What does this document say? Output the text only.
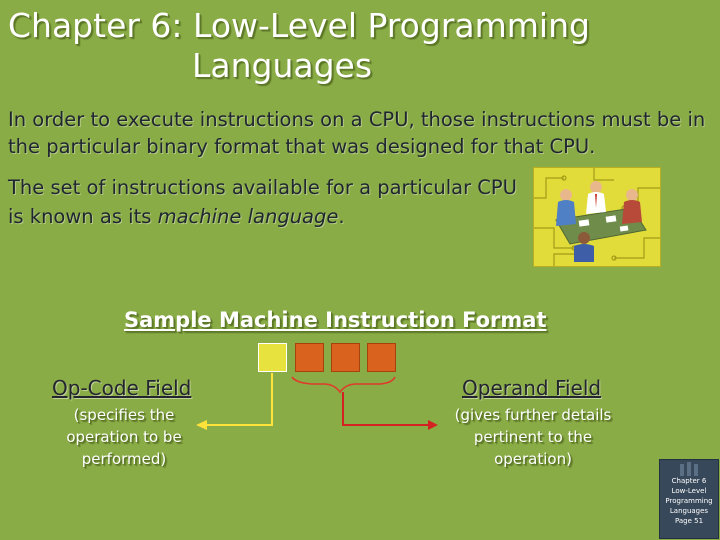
Chapter 6: Low-Level Programming
Languages

In order to execute instructions on a CPU, those instructions must be in the particular binary format that was designed for that CPU.

The set of instructions available for a particular CPU is known as its machine language.

Sample Machine Instruction Format
Op-Code Field
(specifies the operation to be performed)
Operand Field
(gives further details pertinent to the operation)
Chapter 6
Low-Level
Programming
Languages
Page 51
